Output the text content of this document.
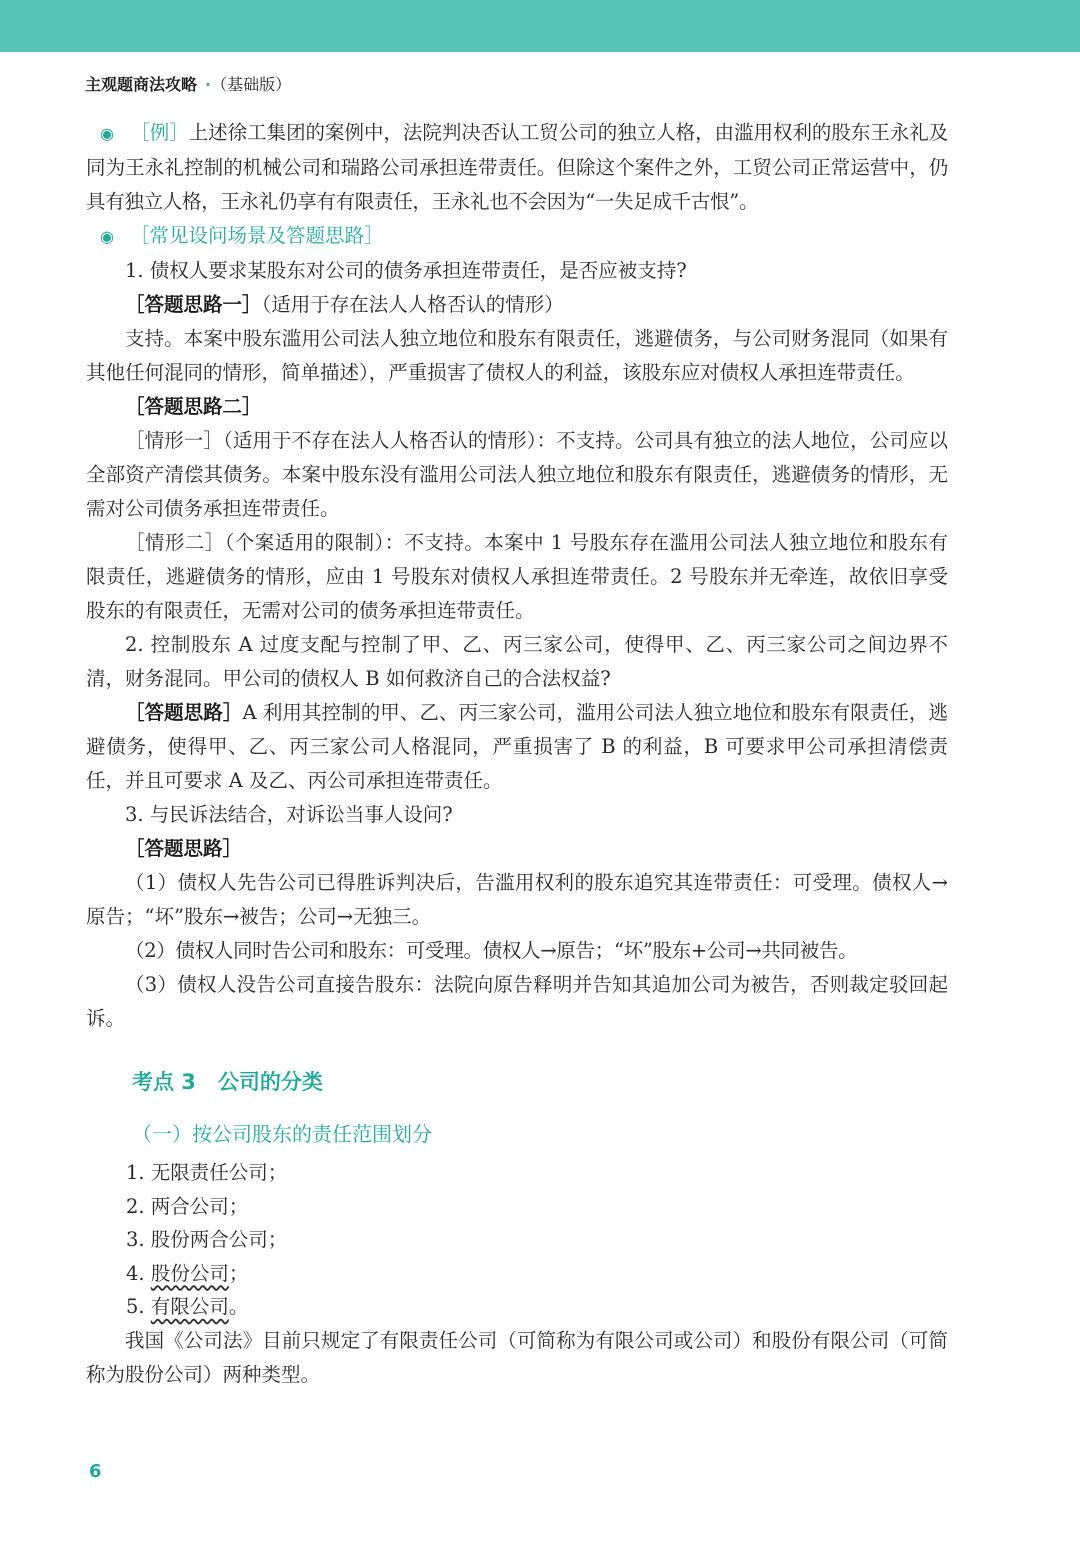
主观题商法攻略 · （基础版）

◉ ［例］上述徐工集团的案例中，法院判决否认工贸公司的独立人格，由滥用权利的股东王永礼及同为王永礼控制的机械公司和瑞路公司承担连带责任。但除这个案件之外，工贸公司正常运营中，仍具有独立人格，王永礼仍享有有限责任，王永礼也不会因为“一失足成千古恨”。

◉ ［常见设问场景及答题思路］

1. 债权人要求某股东对公司的债务承担连带责任，是否应被支持?

［答题思路一］（适用于存在法人人格否认的情形）

支持。本案中股东滥用公司法人独立地位和股东有限责任，逃避债务，与公司财务混同（如果有其他任何混同的情形，简单描述），严重损害了债权人的利益，该股东应对债权人承担连带责任。

［答题思路二］

［情形一］（适用于不存在法人人格否认的情形）：不支持。公司具有独立的法人地位，公司应以全部资产清偿其债务。本案中股东没有滥用公司法人独立地位和股东有限责任，逃避债务的情形，无需对公司债务承担连带责任。

［情形二］（个案适用的限制）：不支持。本案中 1 号股东存在滥用公司法人独立地位和股东有限责任，逃避债务的情形，应由 1 号股东对债权人承担连带责任。2 号股东并无牵连，故依旧享受股东的有限责任，无需对公司的债务承担连带责任。

2. 控制股东 A 过度支配与控制了甲、乙、丙三家公司，使得甲、乙、丙三家公司之间边界不清，财务混同。甲公司的债权人 B 如何救济自己的合法权益?

［答题思路］A 利用其控制的甲、乙、丙三家公司，滥用公司法人独立地位和股东有限责任，逃避债务，使得甲、乙、丙三家公司人格混同，严重损害了 B 的利益，B 可要求甲公司承担清偿责任，并且可要求 A 及乙、丙公司承担连带责任。

3. 与民诉法结合，对诉讼当事人设问?

［答题思路］

（1）债权人先告公司已得胜诉判决后，告滥用权利的股东追究其连带责任：可受理。债权人→原告；“坏”股东→被告；公司→无独三。

（2）债权人同时告公司和股东：可受理。债权人→原告；“坏”股东+公司→共同被告。

（3）债权人没告公司直接告股东：法院向原告释明并告知其追加公司为被告，否则裁定驳回起诉。

考点 3 公司的分类
（一）按公司股东的责任范围划分
1. 无限责任公司；
2. 两合公司；
3. 股份两合公司；
4. 股份公司；
5. 有限公司。

我国《公司法》目前只规定了有限责任公司（可简称为有限公司或公司）和股份有限公司（可简称为股份公司）两种类型。

6
